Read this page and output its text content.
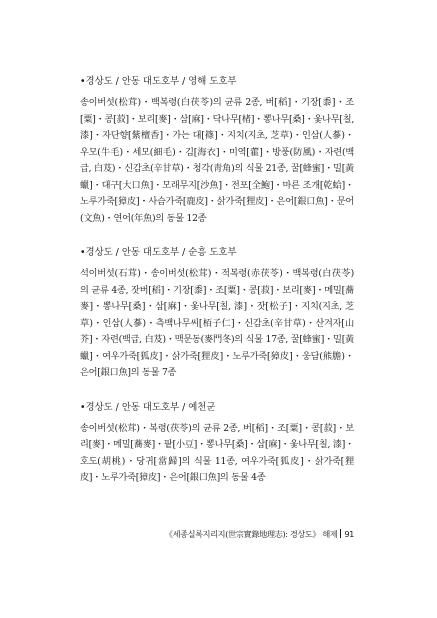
•경상도 / 안동 대도호부 / 영해 도호부
송이버섯(松茸)・백복령(白茯苓)의 균류 2종, 버[稻]・기장[黍]・조
[粟]・콩[菽]・보리[麥]・삼[麻]・닥나무[楮]・뽕나무[桑]・옻나무[칠,
漆]・자단향[紫檀香]・가는 대[篠]・지치(지초, 芝草)・인삼(人蔘)・
우모(牛毛)・세모(細毛)・김[海衣]・미역[藿]・방풍(防風)・자련(백
급, 白芨)・신감초(辛甘草)・청각(靑角)의 식물 21종, 꿀[蜂蜜]・밀[黃
蠟]・대구[大口魚]・모래무지[沙魚]・전포[全鮑]・마른 조개[乾蛤]・
노루가죽[獐皮]・사슴가죽[鹿皮]・삵가죽[狸皮]・은어[銀口魚]・문어
(文魚)・연어(年魚)의 동물 12종
•경상도 / 안동 대도호부 / 순흥 도호부
석이버섯(石茸)・송이버섯(松茸)・적복령(赤茯苓)・백복령(白茯苓)
의 균류 4종, 잣버[稻]・기장[黍]・조[粟]・콩[菽]・보리[麥]・메밀[蕎
麥]・뽕나무[桑]・삼[麻]・옻나무[칠, 漆]・잣[松子]・지치(지초, 芝
草)・인삼(人蔘)・측백나무씨[栢子仁]・신감초(辛甘草)・산겨자[山
芥]・자련(백급, 白芨)・맥문동(麥門冬)의 식물 17종, 꿀[蜂蜜]・밀[黃
蠟]・여우가죽[狐皮]・삵가죽[狸皮]・노루가죽[獐皮]・웅담(熊膽)・
은어[銀口魚]의 동물 7종
•경상도 / 안동 대도호부 / 예천군
송이버섯(松茸)・복령(茯苓)의 균류 2종, 버[稻]・조[粟]・콩[菽]・보
리[麥]・메밀[蕎麥]・팥[小豆]・뽕나무[桑]・삼[麻]・옻나무[칠, 漆]・
호도(胡桃)・당귀[當歸]의 식물 11종, 여우가죽[狐皮]・삵가죽[狸
皮]・노루가죽[獐皮]・은어[銀口魚]의 동물 4종
《세종실록지리지(世宗實錄地理志): 경상도》 해제 91
